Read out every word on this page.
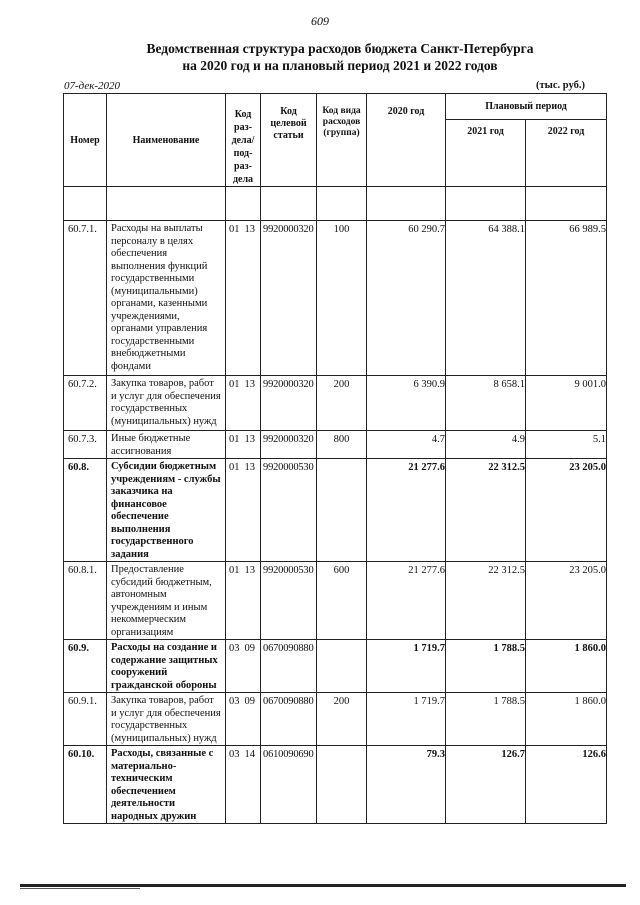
609
Ведомственная структура расходов бюджета Санкт-Петербурга
на 2020 год и на плановый период 2021 и 2022 годов
07-дек-2020	(тыс. руб.)
Номер	Наименование	Код раз-дела/ под-раз-дела		Код целевой статьи	Код вида расходов (группа)	2020 год	Плановый период	
							2021 год	2022 год

60.7.1.	Расходы на выплаты персоналу в целях обеспечения выполнения функций государственными (муниципальными) органами, казенными учреждениями, органами управления государственными внебюджетными фондами	01	13	9920000320	100	60 290.7	64 388.1	66 989.5
60.7.2.	Закупка товаров, работ и услуг для обеспечения государственных (муниципальных) нужд	01	13	9920000320	200	6 390.9	8 658.1	9 001.0
60.7.3.	Иные бюджетные ассигнования	01	13	9920000320	800	4.7	4.9	5.1
60.8.	Субсидии бюджетным учреждениям - службы заказчика на финансовое обеспечение выполнения государственного задания	01	13	9920000530		21 277.6	22 312.5	23 205.0
60.8.1.	Предоставление субсидий бюджетным, автономным учреждениям и иным некоммерческим организациям	01	13	9920000530	600	21 277.6	22 312.5	23 205.0
60.9.	Расходы на создание и содержание защитных сооружений гражданской обороны	03	09	0670090880		1 719.7	1 788.5	1 860.0
60.9.1.	Закупка товаров, работ и услуг для обеспечения государственных (муниципальных) нужд	03	09	0670090880	200	1 719.7	1 788.5	1 860.0
60.10.	Расходы, связанные с материально-техническим обеспечением деятельности народных дружин	03	14	0610090690		79.3	126.7	126.6
